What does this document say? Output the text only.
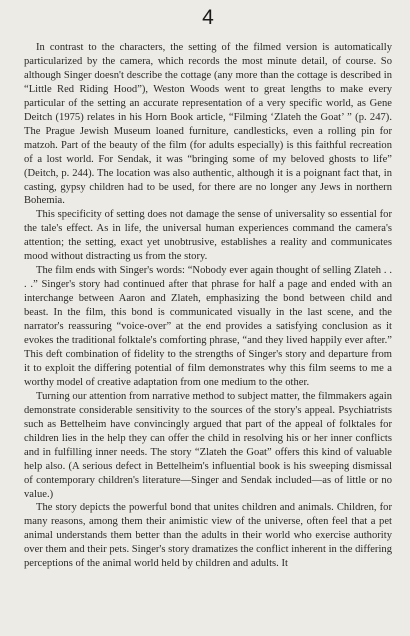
4

In contrast to the characters, the setting of the filmed version is automatically particularized by the camera, which records the most minute detail, of course. So although Singer doesn't describe the cottage (any more than the cottage is described in “Little Red Riding Hood”), Weston Woods went to great lengths to make every particular of the setting an accurate representation of a very specific world, as Gene Deitch (1975) relates in his Horn Book article, “Filming ‘Zlateh the Goat’ ” (p. 247). The Prague Jewish Museum loaned furniture, candlesticks, even a rolling pin for matzoh. Part of the beauty of the film (for adults especially) is this faithful recreation of a lost world. For Sendak, it was “bringing some of my beloved ghosts to life” (Deitch, p. 244). The location was also authentic, although it is a poignant fact that, in casting, gypsy children had to be used, for there are no longer any Jews in northern Bohemia.

This specificity of setting does not damage the sense of universality so essential for the tale's effect. As in life, the universal human experiences command the camera's attention; the setting, exact yet unobtrusive, establishes a reality and communicates mood without distracting us from the story.

The film ends with Singer's words: “Nobody ever again thought of selling Zlateh . . . .” Singer's story had continued after that phrase for half a page and ended with an interchange between Aaron and Zlateh, emphasizing the bond between child and beast. In the film, this bond is communicated visually in the last scene, and the narrator's reassuring “voice-over” at the end provides a satisfying conclusion as it evokes the traditional folktale's comforting phrase, “and they lived happily ever after.” This deft combination of fidelity to the strengths of Singer's story and departure from it to exploit the differing potential of film demonstrates why this film seems to me a worthy model of creative adaptation from one medium to the other.

Turning our attention from narrative method to subject matter, the filmmakers again demonstrate considerable sensitivity to the sources of the story's appeal. Psychiatrists such as Bettelheim have convincingly argued that part of the appeal of folktales for children lies in the help they can offer the child in resolving his or her inner conflicts and in fulfilling inner needs. The story “Zlateh the Goat” offers this kind of valuable help also. (A serious defect in Bettelheim's influential book is his sweeping dismissal of contemporary children's literature—Singer and Sendak included—as of little or no value.)

The story depicts the powerful bond that unites children and animals. Children, for many reasons, among them their animistic view of the universe, often feel that a pet animal understands them better than the adults in their world who exercise authority over them and their pets. Singer's story dramatizes the conflict inherent in the differing perceptions of the animal world held by children and adults. It
